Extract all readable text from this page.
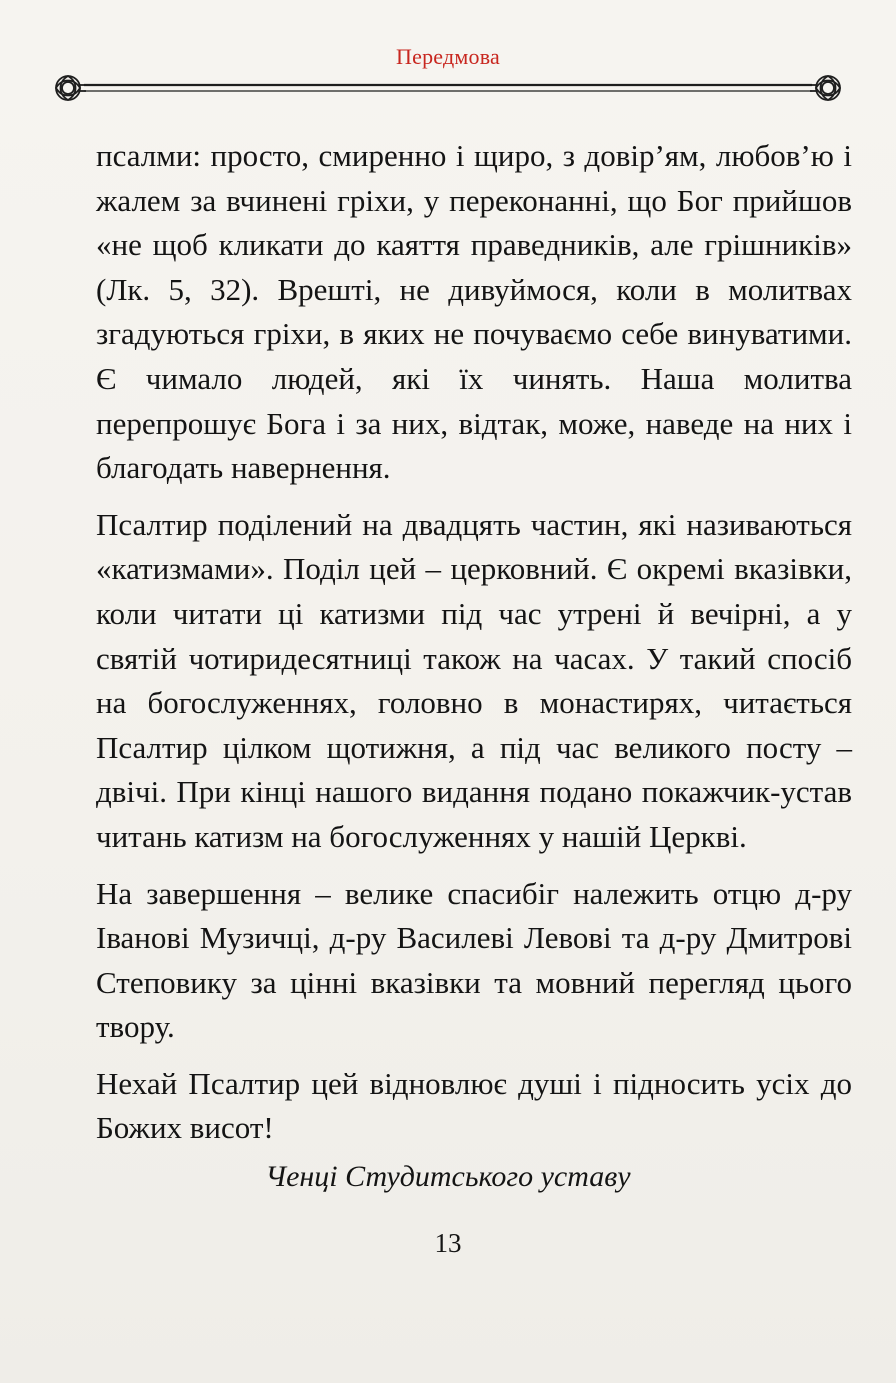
Передмова

псалми: просто, смиренно і щиро, з довір’ям, любов’ю і жалем за вчинені гріхи, у переконанні, що Бог прийшов «не щоб кликати до каяття праведників, але грішників» (Лк. 5, 32). Врешті, не дивуймося, коли в молитвах згадуються гріхи, в яких не почуваємо себе винуватими. Є чимало людей, які їх чинять. Наша молитва перепрошує Бога і за них, відтак, може, наведе на них і благодать навернення.

Псалтир поділений на двадцять частин, які називаються «катизмами». Поділ цей – церковний. Є окремі вказівки, коли читати ці катизми під час утрені й вечірні, а у святій чотиридесятниці також на часах. У такий спосіб на богослуженнях, головно в монастирях, читається Псалтир цілком щотижня, а під час великого посту – двічі. При кінці нашого видання подано покажчик-устав читань катизм на богослуженнях у нашій Церкві.

На завершення – велике спасибіг належить отцю д-ру Іванові Музичці, д-ру Василеві Левові та д-ру Дмитрові Степовику за цінні вказівки та мовний перегляд цього твору.

Нехай Псалтир цей відновлює душі і підносить усіх до Божих висот!

Ченці Студитського уставу
13
